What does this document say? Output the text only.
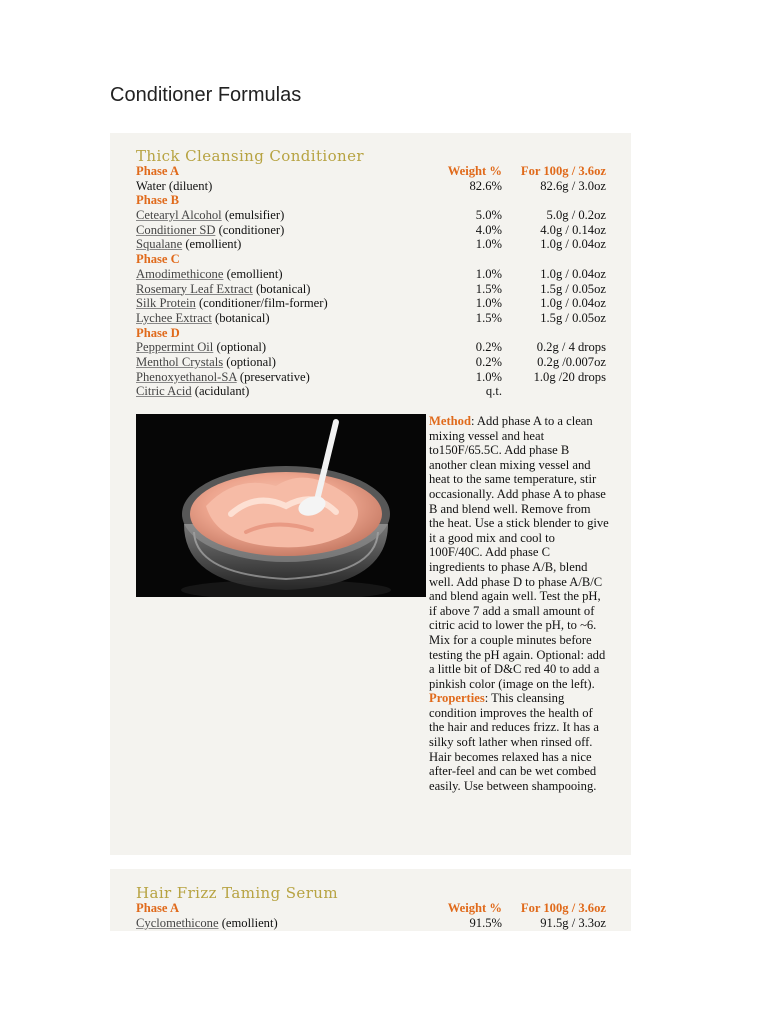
Conditioner Formulas
Thick Cleansing Conditioner
Phase A	Weight % For 100g / 3.6oz
Water (diluent)	82.6%	82.6g / 3.0oz
Phase B
Cetearyl Alcohol (emulsifier)	5.0%	5.0g / 0.2oz
Conditioner SD (conditioner)	4.0%	4.0g / 0.14oz
Squalane (emollient)	1.0%	1.0g / 0.04oz
Phase C
Amodimethicone (emollient)	1.0%	1.0g / 0.04oz
Rosemary Leaf Extract (botanical)	1.5%	1.5g / 0.05oz
Silk Protein (conditioner/film-former)	1.0%	1.0g / 0.04oz
Lychee Extract (botanical)	1.5%	1.5g / 0.05oz
Phase D
Peppermint Oil (optional)	0.2%	0.2g / 4 drops
Menthol Crystals (optional)	0.2%	0.2g /0.007oz
Phenoxyethanol-SA (preservative)	1.0%	1.0g /20 drops
Citric Acid (acidulant)	q.t.

Method: Add phase A to a clean mixing vessel and heat to150F/65.5C. Add phase B another clean mixing vessel and heat to the same temperature, stir occasionally. Add phase A to phase B and blend well. Remove from the heat. Use a stick blender to give it a good mix and cool to 100F/40C. Add phase C ingredients to phase A/B, blend well. Add phase D to phase A/B/C and blend again well. Test the pH, if above 7 add a small amount of citric acid to lower the pH, to ~6. Mix for a couple minutes before testing the pH again. Optional: add a little bit of D&C red 40 to add a pinkish color (image on the left).

Properties: This cleansing condition improves the health of the hair and reduces frizz. It has a silky soft lather when rinsed off. Hair becomes relaxed has a nice after-feel and can be wet combed easily. Use between shampooing.

Hair Frizz Taming Serum
Phase A	Weight % For 100g / 3.6oz
Cyclomethicone (emollient)	91.5%	91.5g / 3.3oz
